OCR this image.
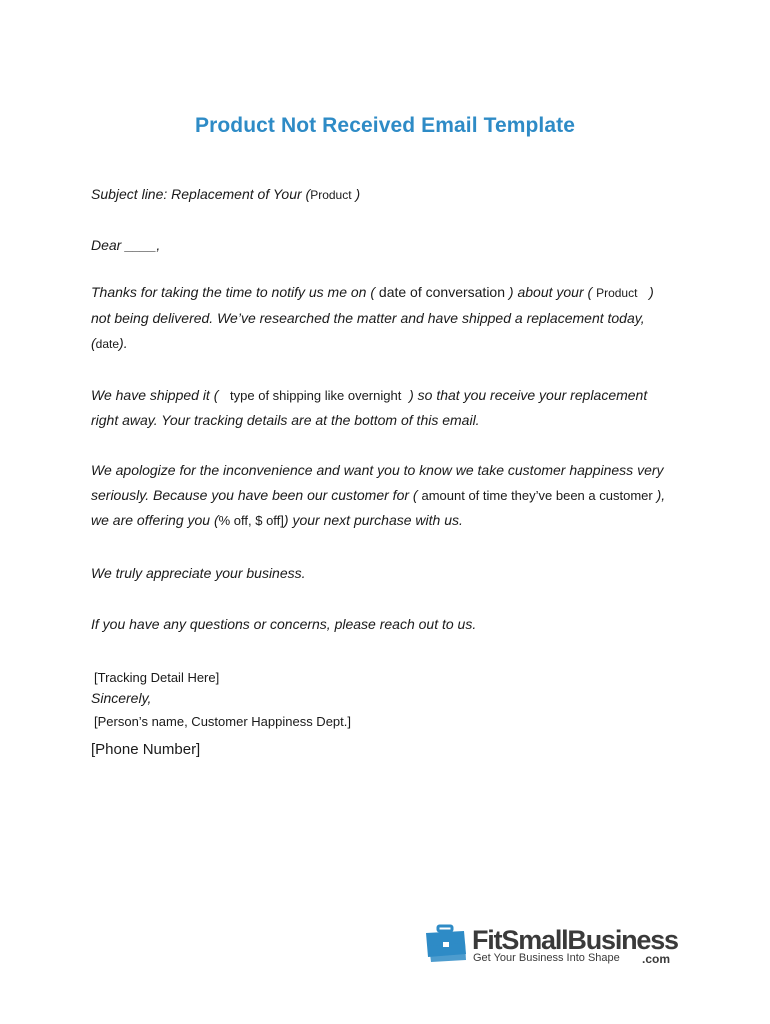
Product Not Received Email Template
Subject line: Replacement of Your (Product )
Dear ____,
Thanks for taking the time to notify us me on ( date of conversation ) about your ( Product )
not being delivered. We’ve researched the matter and have shipped a replacement today,
(date).
We have shipped it ( type of shipping like overnight ) so that you receive your replacement
right away. Your tracking details are at the bottom of this email.
We apologize for the inconvenience and want you to know we take customer happiness very
seriously. Because you have been our customer for ( amount of time they’ve been a customer ),
we are offering you (% off, $ off]) your next purchase with us.
We truly appreciate your business.
If you have any questions or concerns, please reach out to us.
[Tracking Detail Here]
Sincerely,
[Person’s name, Customer Happiness Dept.]
[Phone Number]
FitSmallBusiness
Get Your Business Into Shape .com
